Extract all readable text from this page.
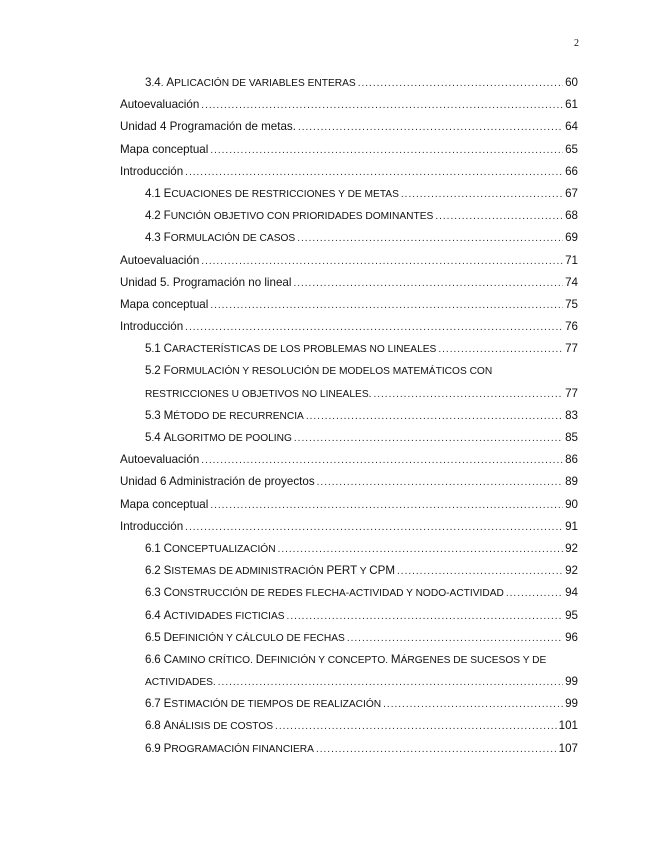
2
3.4. APLICACIÓN DE VARIABLES ENTERAS .....	60
Autoevaluación .....	61
Unidad 4 Programación de metas. .....	64
Mapa conceptual .....	65
Introducción .....	66
4.1 ECUACIONES DE RESTRICCIONES Y DE METAS .....	67
4.2 FUNCIÓN OBJETIVO CON PRIORIDADES DOMINANTES .....	68
4.3 FORMULACIÓN DE CASOS .....	69
Autoevaluación .....	71
Unidad 5. Programación no lineal .....	74
Mapa conceptual .....	75
Introducción .....	76
5.1 CARACTERÍSTICAS DE LOS PROBLEMAS NO LINEALES .....	77
5.2 FORMULACIÓN Y RESOLUCIÓN DE MODELOS MATEMÁTICOS CON
RESTRICCIONES U OBJETIVOS NO LINEALES. .....	77
5.3 MÉTODO DE RECURRENCIA .....	83
5.4 ALGORITMO DE POOLING .....	85
Autoevaluación .....	86
Unidad 6 Administración de proyectos .....	89
Mapa conceptual .....	90
Introducción .....	91
6.1 CONCEPTUALIZACIÓN .....	92
6.2 SISTEMAS DE ADMINISTRACIÓN PERT Y CPM .....	92
6.3 CONSTRUCCIÓN DE REDES FLECHA-ACTIVIDAD Y NODO-ACTIVIDAD .....	94
6.4 ACTIVIDADES FICTICIAS .....	95
6.5 DEFINICIÓN Y CÁLCULO DE FECHAS .....	96
6.6 CAMINO CRÍTICO. DEFINICIÓN Y CONCEPTO. MÁRGENES DE SUCESOS Y DE
ACTIVIDADES. .....	99
6.7 ESTIMACIÓN DE TIEMPOS DE REALIZACIÓN .....	99
6.8 ANÁLISIS DE COSTOS .....	101
6.9 PROGRAMACIÓN FINANCIERA .....	107
